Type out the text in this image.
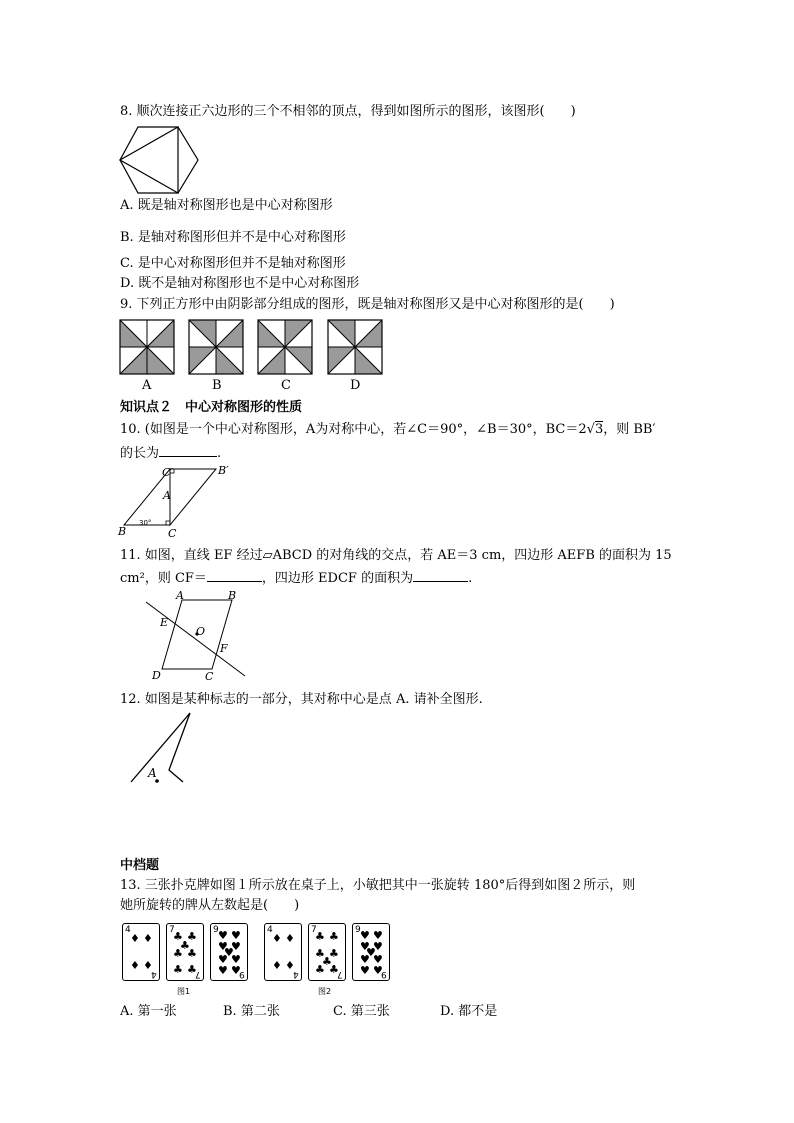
8. 顺次连接正六边形的三个不相邻的顶点，得到如图所示的图形，该图形(　　)
A. 既是轴对称图形也是中心对称图形
B. 是轴对称图形但并不是中心对称图形
C. 是中心对称图形但并不是轴对称图形
D. 既不是轴对称图形也不是中心对称图形
9. 下列正方形中由阴影部分组成的图形，既是轴对称图形又是中心对称图形的是(　　)
A	B	C	D
知识点２　中心对称图形的性质
10. (如图是一个中心对称图形，A为对称中心，若∠C＝90°，∠B＝30°，BC＝2√3，则 BB′
的长为	.
C′	B′
A
B	C
30°
11. 如图，直线 EF 经过▱ABCD 的对角线的交点，若 AE＝3 cm，四边形 AEFB 的面积为 15
cm²，则 CF＝	，四边形 EDCF 的面积为	.
A	B
C
D
E
F
O
12. 如图是某种标志的一部分，其对称中心是点 A. 请补全图形.
A
中档题
13. 三张扑克牌如图１所示放在桌子上，小敏把其中一张旋转 180°后得到如图２所示，则
她所旋转的牌从左数起是(　　)
4
♦ ♦
♦ ♦
4
7
♣ ♣
♣
♣ ♣
♣ ♣
7
9 ♥ ♥
♥ ♥
♥
♥ ♥
♥ ♥
9
图1
4
♦ ♦
♦ ♦
4
7
♣ ♣
♣ ♣
♣
♣ ♣
7
9 ♥ ♥
♥ ♥
♥
♥ ♥
♥ ♥
9
图2
A. 第一张	B. 第二张	C. 第三张	D. 都不是
